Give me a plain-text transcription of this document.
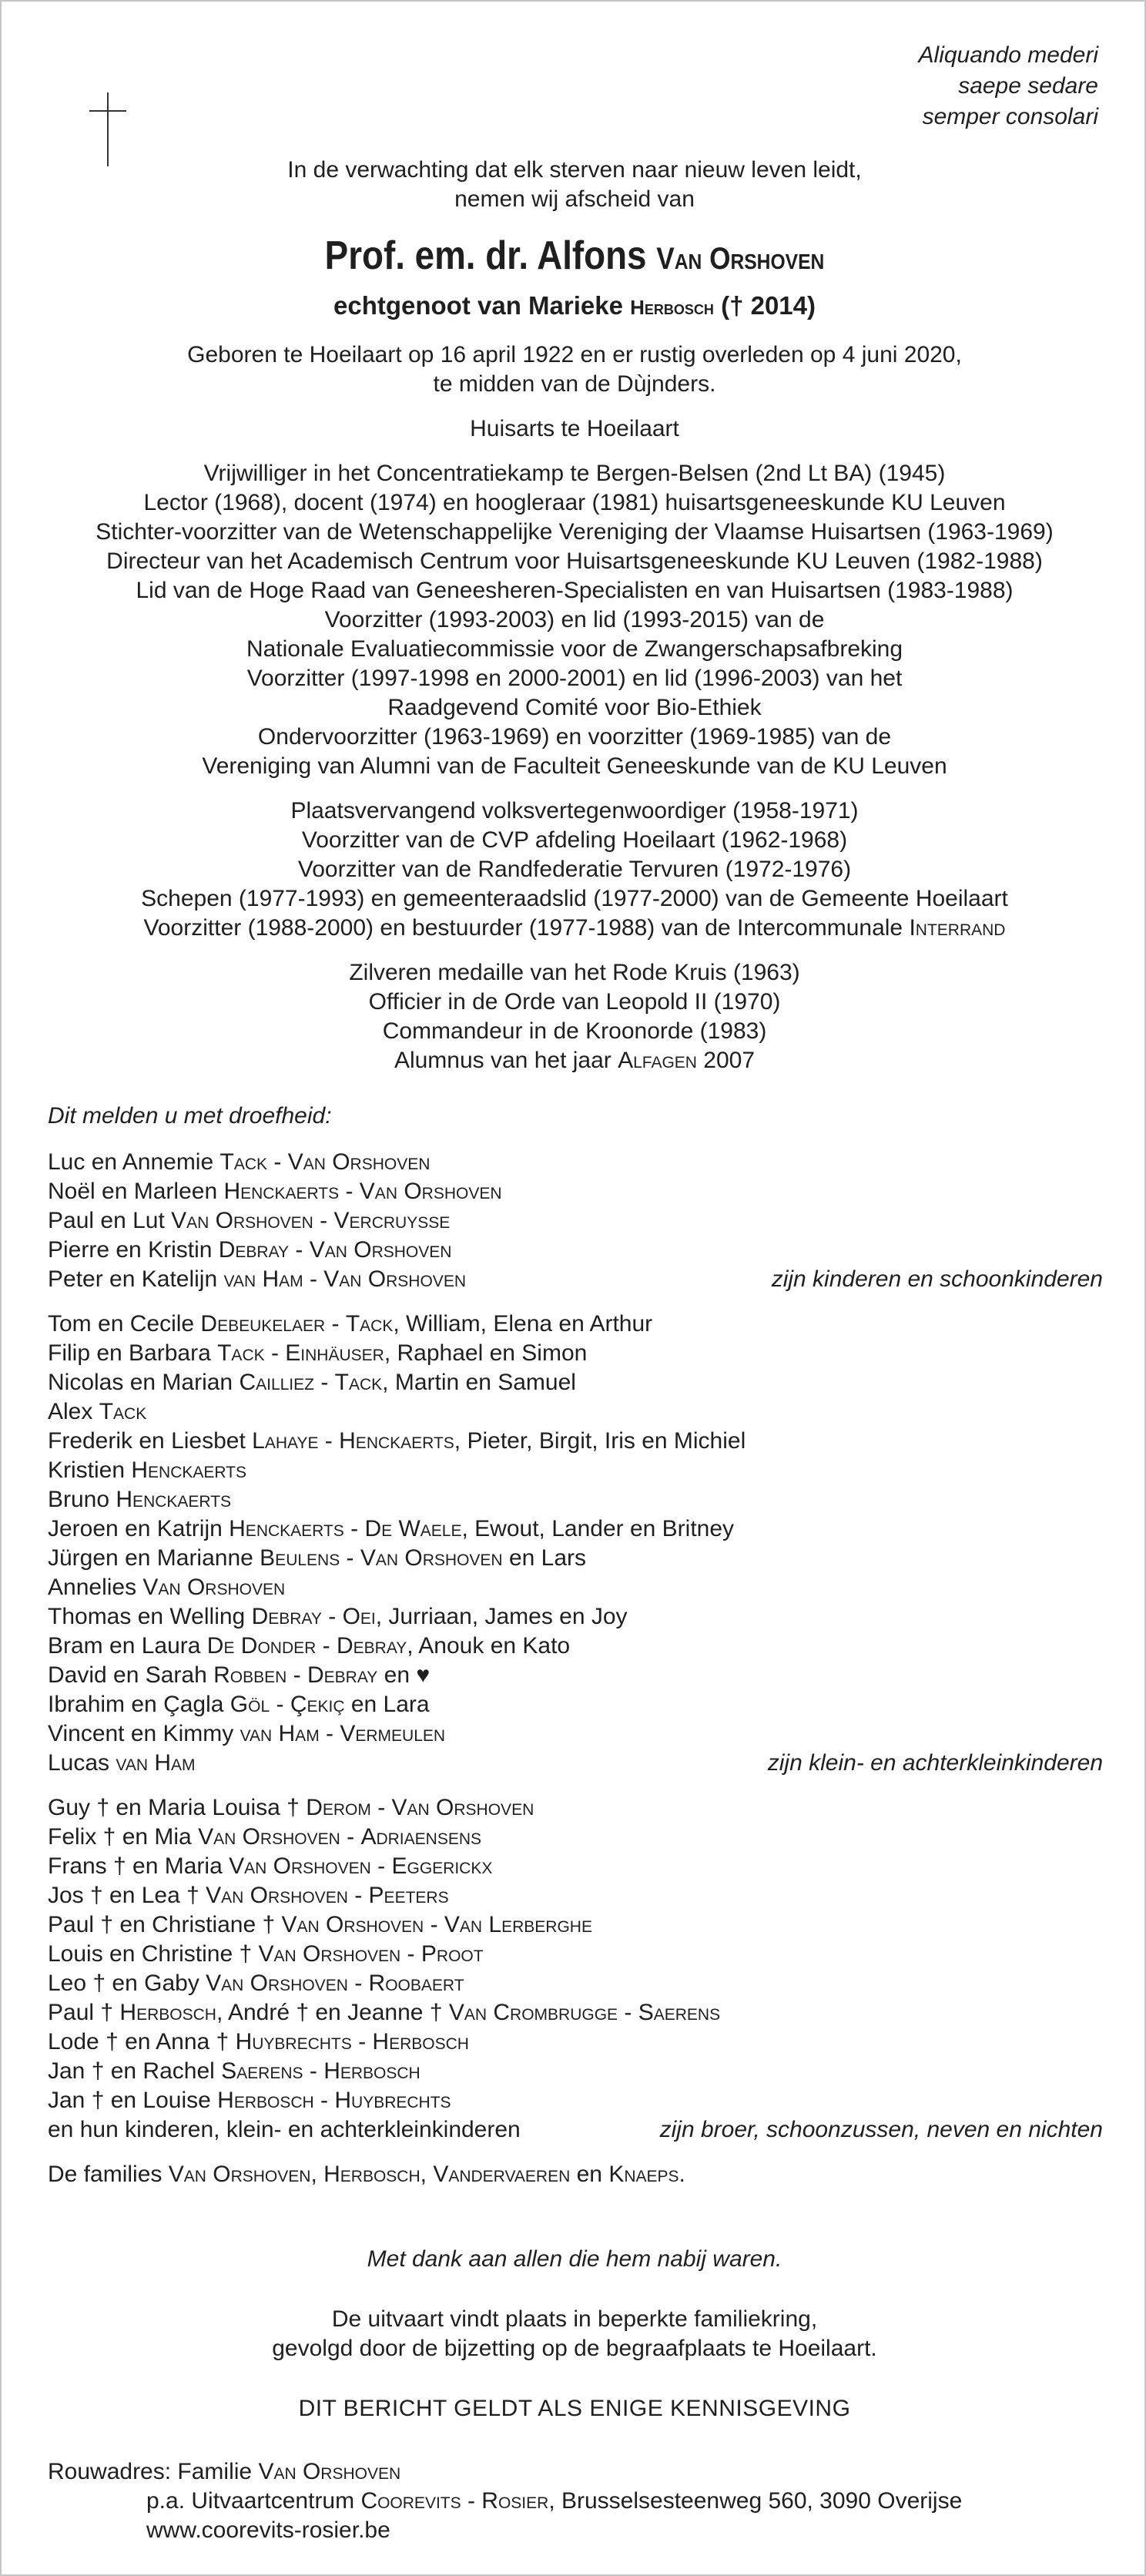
Aliquando mederi
saepe sedare
semper consolari
In de verwachting dat elk sterven naar nieuw leven leidt,
nemen wij afscheid van
Prof. em. dr. Alfons Van Orshoven
echtgenoot van Marieke Herbosch († 2014)
Geboren te Hoeilaart op 16 april 1922 en er rustig overleden op 4 juni 2020,
te midden van de Dùjnders.
Huisarts te Hoeilaart
Vrijwilliger in het Concentratiekamp te Bergen-Belsen (2nd Lt BA) (1945)
Lector (1968), docent (1974) en hoogleraar (1981) huisartsgeneeskunde KU Leuven
Stichter-voorzitter van de Wetenschappelijke Vereniging der Vlaamse Huisartsen (1963-1969)
Directeur van het Academisch Centrum voor Huisartsgeneeskunde KU Leuven (1982-1988)
Lid van de Hoge Raad van Geneesheren-Specialisten en van Huisartsen (1983-1988)
Voorzitter (1993-2003) en lid (1993-2015) van de
Nationale Evaluatiecommissie voor de Zwangerschapsafbreking
Voorzitter (1997-1998 en 2000-2001) en lid (1996-2003) van het
Raadgevend Comité voor Bio-Ethiek
Ondervoorzitter (1963-1969) en voorzitter (1969-1985) van de
Vereniging van Alumni van de Faculteit Geneeskunde van de KU Leuven
Plaatsvervangend volksvertegenwoordiger (1958-1971)
Voorzitter van de CVP afdeling Hoeilaart (1962-1968)
Voorzitter van de Randfederatie Tervuren (1972-1976)
Schepen (1977-1993) en gemeenteraadslid (1977-2000) van de Gemeente Hoeilaart
Voorzitter (1988-2000) en bestuurder (1977-1988) van de Intercommunale Interrand
Zilveren medaille van het Rode Kruis (1963)
Officier in de Orde van Leopold II (1970)
Commandeur in de Kroonorde (1983)
Alumnus van het jaar Alfagen 2007
Dit melden u met droefheid:
Luc en Annemie Tack - Van Orshoven
Noël en Marleen Henckaerts - Van Orshoven
Paul en Lut Van Orshoven - Vercruysse
Pierre en Kristin Debray - Van Orshoven
Peter en Katelijn van Ham - Van Orshoven	zijn kinderen en schoonkinderen
Tom en Cecile Debeukelaer - Tack, William, Elena en Arthur
Filip en Barbara Tack - Einhäuser, Raphael en Simon
Nicolas en Marian Cailliez - Tack, Martin en Samuel
Alex Tack
Frederik en Liesbet Lahaye - Henckaerts, Pieter, Birgit, Iris en Michiel
Kristien Henckaerts
Bruno Henckaerts
Jeroen en Katrijn Henckaerts - De Waele, Ewout, Lander en Britney
Jürgen en Marianne Beulens - Van Orshoven en Lars
Annelies Van Orshoven
Thomas en Welling Debray - Oei, Jurriaan, James en Joy
Bram en Laura De Donder - Debray, Anouk en Kato
David en Sarah Robben - Debray en ♥
Ibrahim en Çagla Göl - Çekiç en Lara
Vincent en Kimmy van Ham - Vermeulen
Lucas van Ham	zijn klein- en achterkleinkinderen
Guy † en Maria Louisa † Derom - Van Orshoven
Felix † en Mia Van Orshoven - Adriaensens
Frans † en Maria Van Orshoven - Eggerickx
Jos † en Lea † Van Orshoven - Peeters
Paul † en Christiane † Van Orshoven - Van Lerberghe
Louis en Christine † Van Orshoven - Proot
Leo † en Gaby Van Orshoven - Roobaert
Paul † Herbosch, André † en Jeanne † Van Crombrugge - Saerens
Lode † en Anna † Huybrechts - Herbosch
Jan † en Rachel Saerens - Herbosch
Jan † en Louise Herbosch - Huybrechts
en hun kinderen, klein- en achterkleinkinderen	zijn broer, schoonzussen, neven en nichten
De families Van Orshoven, Herbosch, Vandervaeren en Knaeps.
Met dank aan allen die hem nabij waren.
De uitvaart vindt plaats in beperkte familiekring,
gevolgd door de bijzetting op de begraafplaats te Hoeilaart.
DIT BERICHT GELDT ALS ENIGE KENNISGEVING
Rouwadres: Familie Van Orshoven
p.a. Uitvaartcentrum Coorevits - Rosier, Brusselsesteenweg 560, 3090 Overijse
www.coorevits-rosier.be
